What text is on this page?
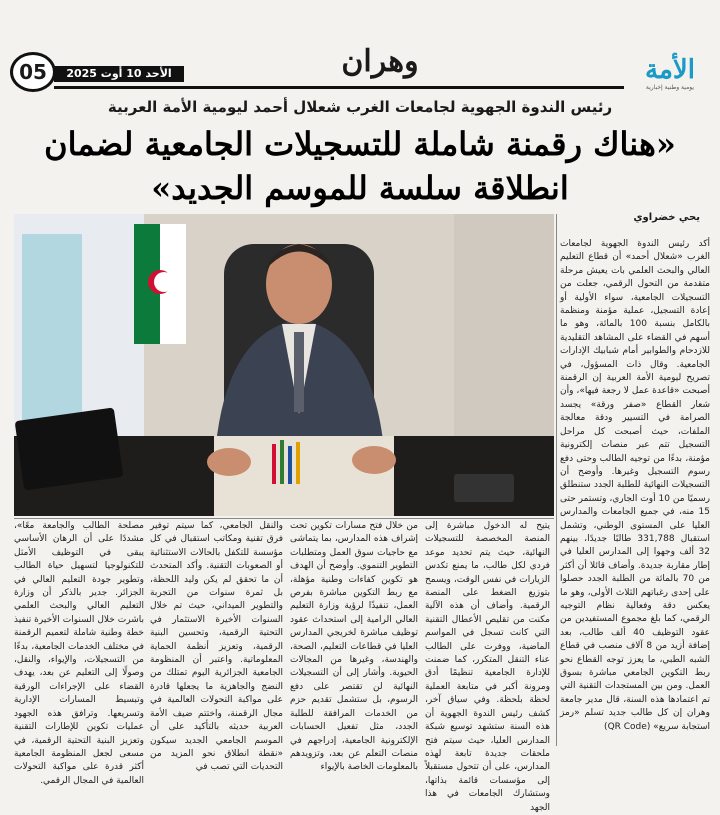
05	الأحد 10 أوت 2025	وهران	الأمة
يومية وطنية إخبارية
رئيس الندوة الجهوية لجامعات الغرب شعلال أحمد ليومية الأمة العربية
«هناك رقمنة شاملة للتسجيلات الجامعية لضمان انطلاقة سلسة للموسم الجديد»
يحي خضراوي
أكد رئيس الندوة الجهوية لجامعات الغرب «شعلال أحمد» أن قطاع التعليم العالي والبحث العلمي بات يعيش مرحلة متقدمة من التحول الرقمي، جعلت من التسجيلات الجامعية، سواء الأولية أو إعادة التسجيل، عملية مؤمنة ومنظمة بالكامل بنسبة 100 بالمائة، وهو ما أسهم في القضاء على المشاهد التقليدية للازدحام والطوابير أمام شبابيك الإدارات الجامعية. وقال ذات المسؤول، في تصريح ليومية الأمة العربية إن الرقمنة أصبحت «قاعدة عمل لا رجعة فيها»، وأن شعار القطاع «صفر ورقة» يجسد الصرامة في التسيير ودقة معالجة الملفات، حيث أصبحت كل مراحل التسجيل تتم عبر منصات إلكترونية مؤمنة، بدءًا من توجيه الطالب وحتى دفع رسوم التسجيل وغيرها. وأوضح أن التسجيلات النهائية للطلبة الجدد ستنطلق رسميًا من 10 أوت الجاري، وتستمر حتى 15 منه، في جميع الجامعات والمدارس العليا على المستوى الوطني، وتشمل استقبال 331,788 طالبًا جديدًا، بينهم 32 ألف وجهوا إلى المدارس العليا في إطار مقاربة جديدة. وأضاف قائلا أن أكثر من 70 بالمائة من الطلبة الجدد حصلوا على إحدى رغباتهم الثلاث الأولى، وهو ما يعكس دقة وفعالية نظام التوجيه الرقمي، كما بلغ مجموع المستفيدين من عقود التوظيف 40 ألف طالب، بعد إضافة أزيد من 8 آلاف منصب في قطاع الشبه الطبي، ما يعزز توجه القطاع نحو ربط التكوين الجامعي مباشرة بسوق العمل. ومن بين المستجدات التقنية التي تم اعتمادها هذه السنة، قال مدير جامعة وهران إن كل طالب جديد تسلم «رمز استجابة سريع» (QR Code)
يتيح له الدخول مباشرة إلى المنصة المخصصة للتسجيلات النهائية، حيث يتم تحديد موعد فردي لكل طالب، ما يمنع تكدس الزيارات في نفس الوقت، ويسمح بتوزيع الضغط على المنصة الرقمية. وأضاف أن هذه الآلية مكنت من تقليص الأعطال التقنية التي كانت تسجل في المواسم الماضية، ووفرت على الطالب عناء التنقل المتكرر، كما ضمنت للإدارة الجامعية تنظيمًا أدق ومرونة أكبر في متابعة العملية لحظة بلحظة. وفي سياق آخر، كشف رئيس الندوة الجهوية أن هذه السنة ستشهد توسيع شبكة المدارس العليا، حيث سيتم فتح ملحقات جديدة تابعة لهذه المدارس، على أن تتحول مستقبلاً إلى مؤسسات قائمة بذاتها، وستشارك الجامعات في هذا الجهد
من خلال فتح مسارات تكوين تحت إشراف هذه المدارس، بما يتماشى مع حاجيات سوق العمل ومتطلبات التطوير التنموي. وأوضح أن الهدف هو تكوين كفاءات وطنية مؤهلة، مع ربط التكوين مباشرة بفرص العمل، تنفيذًا لرؤية وزارة التعليم العالي الرامية إلى استحداث عقود توظيف مباشرة لخريجي المدارس العليا في قطاعات التعليم، الصحة، والهندسة، وغيرها من المجالات الحيوية. وأشار إلى أن التسجيلات النهائية لن تقتصر على دفع الرسوم، بل ستشمل تقديم حزم من الخدمات المرافقة للطلبة الجدد، مثل تفعيل الحسابات الإلكترونية الجامعية، إدراجهم في منصات التعلم عن بعد، وتزويدهم بالمعلومات الخاصة بالإيواء
والنقل الجامعي، كما سيتم توفير فرق تقنية ومكاتب استقبال في كل مؤسسة للتكفل بالحالات الاستثنائية أو الصعوبات التقنية. وأكد المتحدث أن ما تحقق لم يكن وليد اللحظة، بل ثمرة سنوات من التجربة والتطوير الميداني، حيث تم خلال السنوات الأخيرة الاستثمار في التحتية الرقمية، وتحسين البنية الرقمية، وتعزيز أنظمة الحماية المعلوماتية. واعتبر أن المنظومة الجامعية الجزائرية اليوم تمتلك من النضج والجاهزية ما يجعلها قادرة على مواكبة التحولات العالمية في مجال الرقمنة، واختتم ضيف الأمة العربية حديثه بالتأكيد على أن الموسم الجامعي الجديد سيكون «نقطة انطلاق نحو المزيد من التحديات التي تصب في
مصلحة الطالب والجامعة معًا»، مشددًا على أن الرهان الأساسي يبقى في التوظيف الأمثل للتكنولوجيا لتسهيل حياة الطالب وتطوير جودة التعليم العالي في الجزائر. جدير بالذكر أن وزارة التعليم العالي والبحث العلمي باشرت خلال السنوات الأخيرة تنفيذ خطة وطنية شاملة لتعميم الرقمنة في مختلف الخدمات الجامعية، بدءًا من التسجيلات، والإيواء، والنقل، وصولًا إلى التعليم عن بعد، يهدف القضاء على الإجراءات الورقية وتبسيط المسارات الإدارية وتسريعها. وترافق هذه الجهود عمليات تكوين للإطارات التقنية وتعزيز البنية التحتية الرقمية، في مسعى لجعل المنظومة الجامعية أكثر قدرة على مواكبة التحولات العالمية في المجال الرقمي.
